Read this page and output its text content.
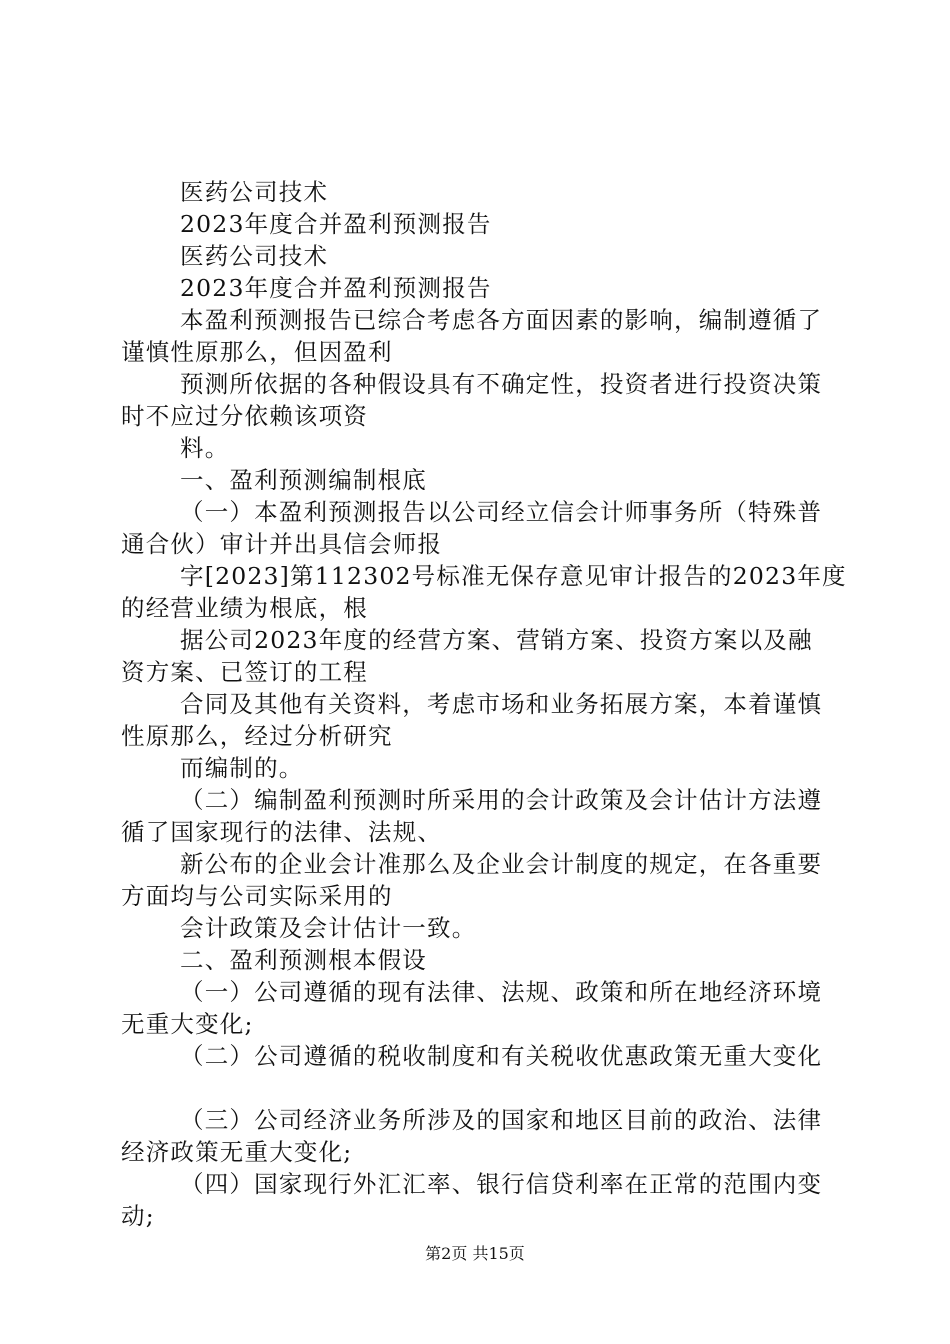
医药公司技术
2023年度合并盈利预测报告
医药公司技术
2023年度合并盈利预测报告
本盈利预测报告已综合考虑各方面因素的影响，编制遵循了
谨慎性原那么，但因盈利
预测所依据的各种假设具有不确定性，投资者进行投资决策
时不应过分依赖该项资
料。
一、盈利预测编制根底
（一）本盈利预测报告以公司经立信会计师事务所（特殊普
通合伙）审计并出具信会师报
字[2023]第112302号标准无保存意见审计报告的2023年度
的经营业绩为根底，根
据公司2023年度的经营方案、营销方案、投资方案以及融
资方案、已签订的工程
合同及其他有关资料，考虑市场和业务拓展方案，本着谨慎
性原那么，经过分析研究
而编制的。
（二）编制盈利预测时所采用的会计政策及会计估计方法遵
循了国家现行的法律、法规、
新公布的企业会计准那么及企业会计制度的规定，在各重要
方面均与公司实际采用的
会计政策及会计估计一致。
二、盈利预测根本假设
（一）公司遵循的现有法律、法规、政策和所在地经济环境
无重大变化;
（二）公司遵循的税收制度和有关税收优惠政策无重大变化
（三）公司经济业务所涉及的国家和地区目前的政治、法律
经济政策无重大变化;
（四）国家现行外汇汇率、银行信贷利率在正常的范围内变
动;
第2页 共15页
